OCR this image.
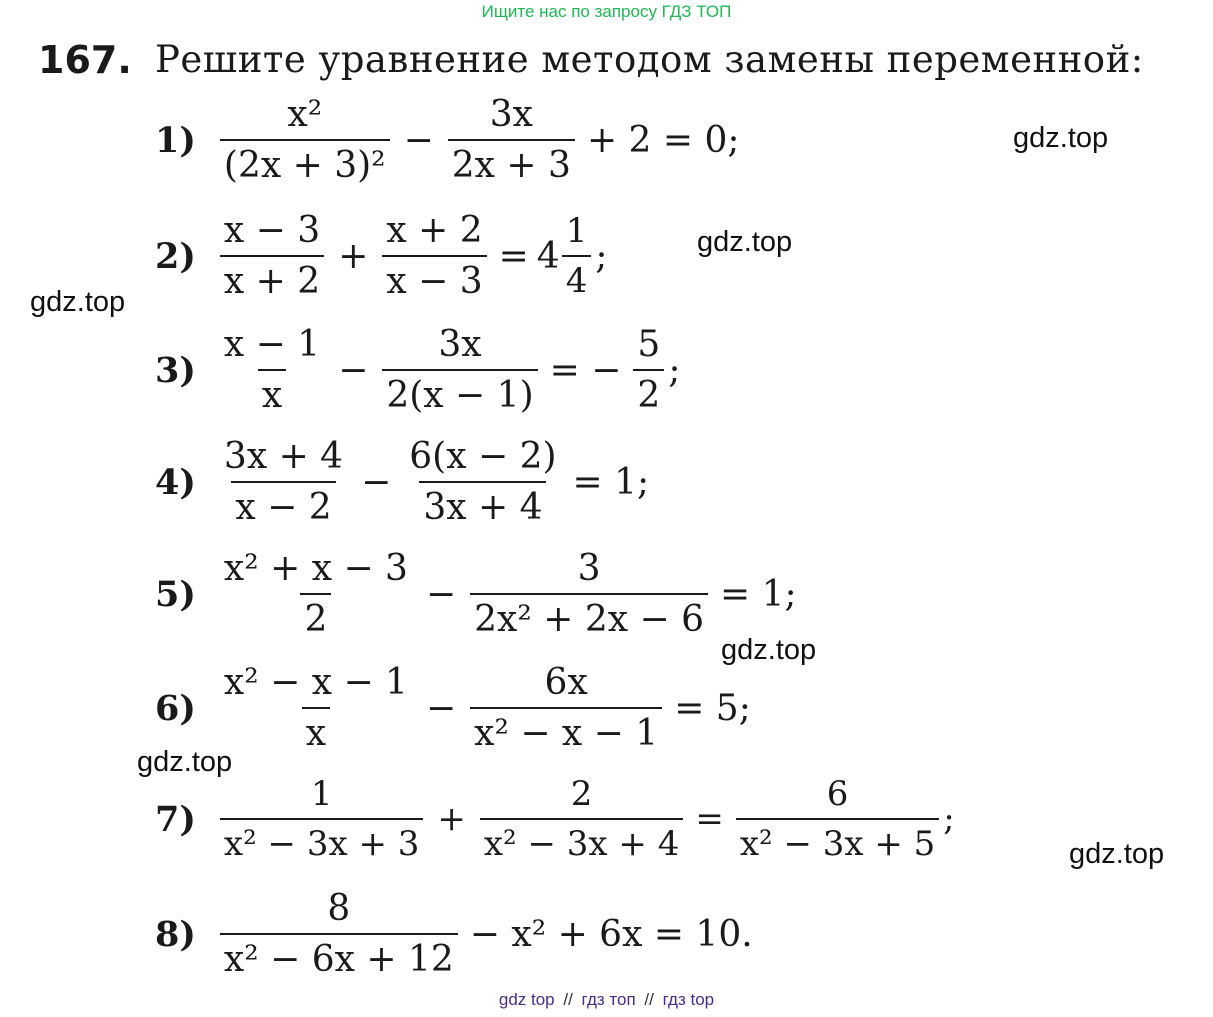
Ищите нас по запросу ГДЗ ТОП
167. Решите уравнение методом замены переменной:
gdz.top
gdz.top
gdz.top
gdz.top
gdz.top
gdz.top
1)
x²
(2x + 3)²
− $\frac{3x}{2x + 3} + 2 = 0$;
2)
x − 3
x + 2
+ $\frac{x + 2}{x - 3} = 4$
1
4
;
3)
x − 1
x
− $\frac{3x}{2(x - 1)}$ = − $\frac{5}{2}$ ;
4)
3x + 4
x − 2
− $\frac{6(x - 2)}{3x + 4} = 1$;
5)
x² + x − 3
2
− $\frac{3}{\text{2x² + 2x − 6}} = 1$;
6)
x² − x − 1
x
− $\frac{6x}{\text{x² − x − 1}} = 5$;
7)
1
x² − 3x + 3
+ $\frac{2}{\text{x² − 3x + 4}} = \frac{6}{\text{x² − 3x + 5}}$ ;
8)
8
x² − 6x + 12
− x² + 6x = 10.
gdz top // гдз топ // гдз top
